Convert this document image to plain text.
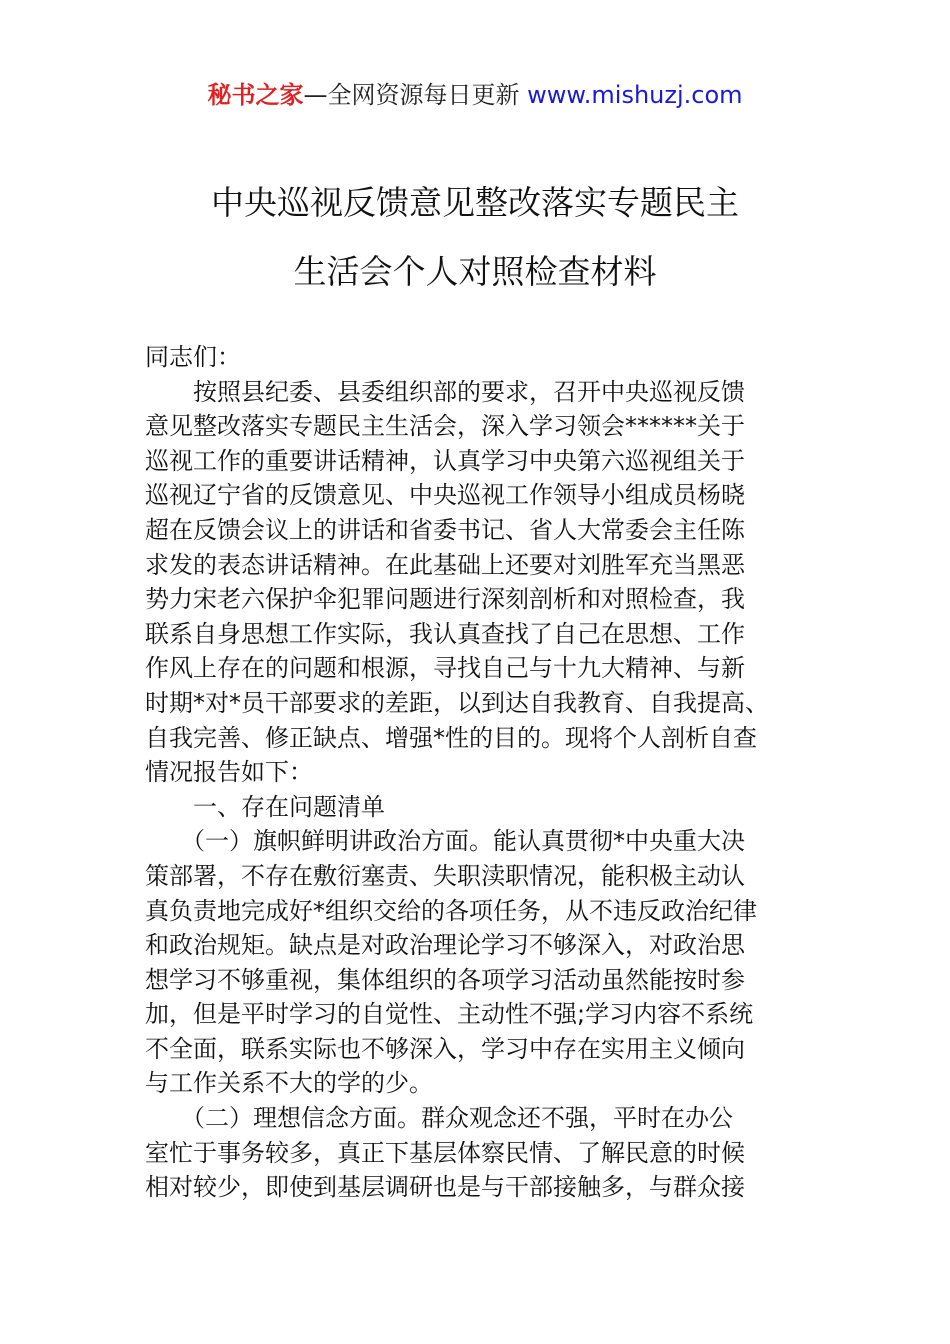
秘书之家—全网资源每日更新 www.mishuzj.com
中央巡视反馈意见整改落实专题民主
生活会个人对照检查材料
同志们：
　　按照县纪委、县委组织部的要求，召开中央巡视反馈
意见整改落实专题民主生活会，深入学习领会******关于
巡视工作的重要讲话精神，认真学习中央第六巡视组关于
巡视辽宁省的反馈意见、中央巡视工作领导小组成员杨晓
超在反馈会议上的讲话和省委书记、省人大常委会主任陈
求发的表态讲话精神。在此基础上还要对刘胜军充当黑恶
势力宋老六保护伞犯罪问题进行深刻剖析和对照检查，我
联系自身思想工作实际，我认真查找了自己在思想、工作
作风上存在的问题和根源，寻找自己与十九大精神、与新
时期*对*员干部要求的差距，以到达自我教育、自我提高、
自我完善、修正缺点、增强*性的目的。现将个人剖析自查
情况报告如下：
　　一、存在问题清单
　　（一）旗帜鲜明讲政治方面。能认真贯彻*中央重大决
策部署，不存在敷衍塞责、失职渎职情况，能积极主动认
真负责地完成好*组织交给的各项任务，从不违反政治纪律
和政治规矩。缺点是对政治理论学习不够深入，对政治思
想学习不够重视，集体组织的各项学习活动虽然能按时参
加，但是平时学习的自觉性、主动性不强;学习内容不系统
不全面，联系实际也不够深入，学习中存在实用主义倾向
与工作关系不大的学的少。
　　（二）理想信念方面。群众观念还不强，平时在办公
室忙于事务较多，真正下基层体察民情、了解民意的时候
相对较少，即使到基层调研也是与干部接触多，与群众接
